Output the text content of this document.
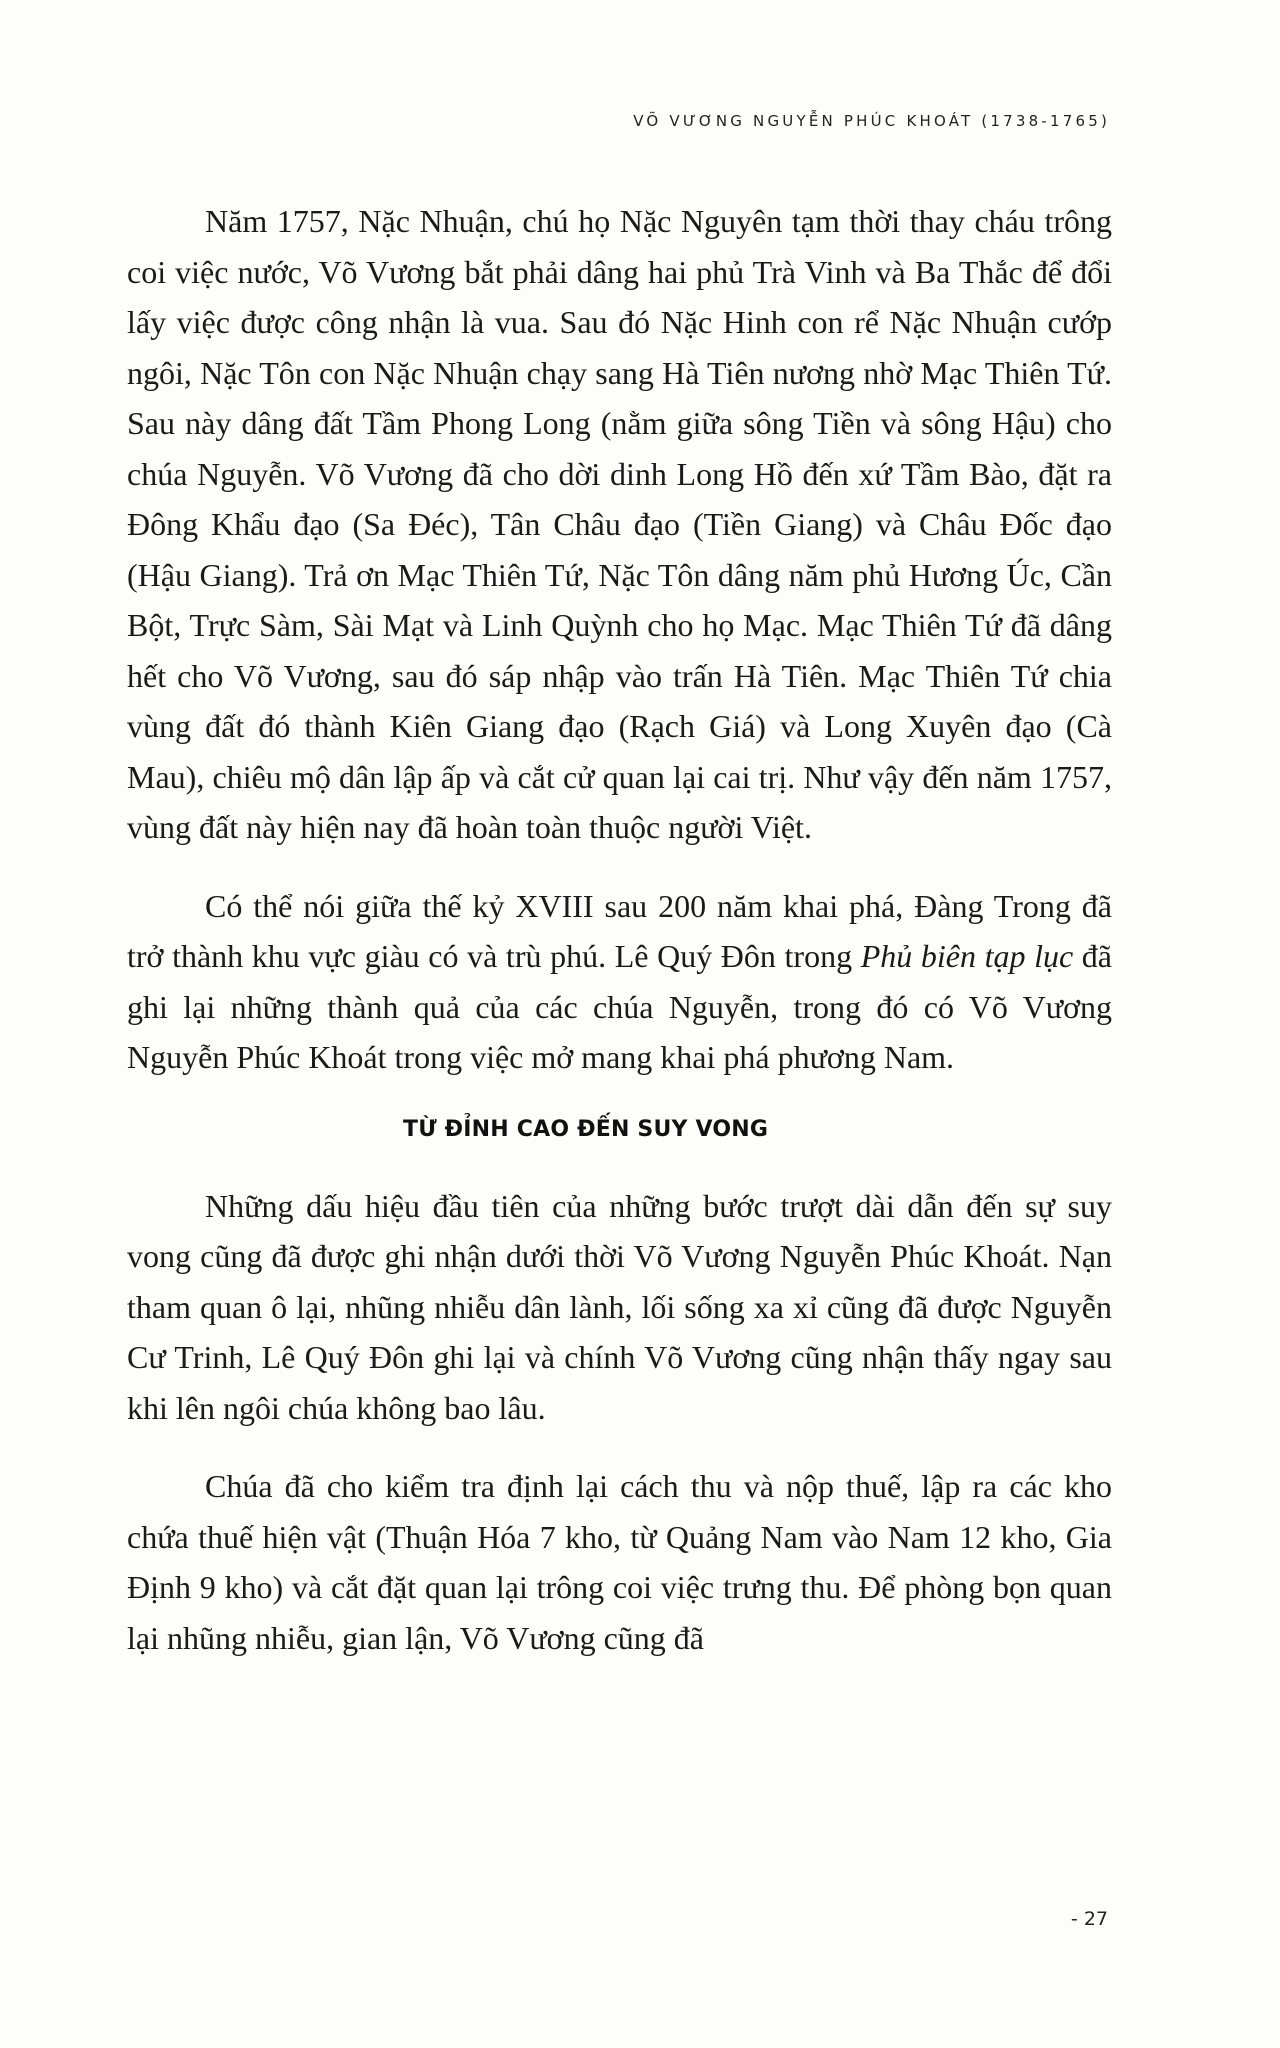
VÕ VƯƠNG NGUYỄN PHÚC KHOÁT (1738-1765)

Năm 1757, Nặc Nhuận, chú họ Nặc Nguyên tạm thời thay cháu trông coi việc nước, Võ Vương bắt phải dâng hai phủ Trà Vinh và Ba Thắc để đổi lấy việc được công nhận là vua. Sau đó Nặc Hinh con rể Nặc Nhuận cướp ngôi, Nặc Tôn con Nặc Nhuận chạy sang Hà Tiên nương nhờ Mạc Thiên Tứ. Sau này dâng đất Tầm Phong Long (nằm giữa sông Tiền và sông Hậu) cho chúa Nguyễn. Võ Vương đã cho dời dinh Long Hồ đến xứ Tầm Bào, đặt ra Đông Khẩu đạo (Sa Đéc), Tân Châu đạo (Tiền Giang) và Châu Đốc đạo (Hậu Giang). Trả ơn Mạc Thiên Tứ, Nặc Tôn dâng năm phủ Hương Úc, Cần Bột, Trực Sàm, Sài Mạt và Linh Quỳnh cho họ Mạc. Mạc Thiên Tứ đã dâng hết cho Võ Vương, sau đó sáp nhập vào trấn Hà Tiên. Mạc Thiên Tứ chia vùng đất đó thành Kiên Giang đạo (Rạch Giá) và Long Xuyên đạo (Cà Mau), chiêu mộ dân lập ấp và cắt cử quan lại cai trị. Như vậy đến năm 1757, vùng đất này hiện nay đã hoàn toàn thuộc người Việt.

Có thể nói giữa thế kỷ XVIII sau 200 năm khai phá, Đàng Trong đã trở thành khu vực giàu có và trù phú. Lê Quý Đôn trong Phủ biên tạp lục đã ghi lại những thành quả của các chúa Nguyễn, trong đó có Võ Vương Nguyễn Phúc Khoát trong việc mở mang khai phá phương Nam.

TỪ ĐỈNH CAO ĐẾN SUY VONG

Những dấu hiệu đầu tiên của những bước trượt dài dẫn đến sự suy vong cũng đã được ghi nhận dưới thời Võ Vương Nguyễn Phúc Khoát. Nạn tham quan ô lại, nhũng nhiễu dân lành, lối sống xa xỉ cũng đã được Nguyễn Cư Trinh, Lê Quý Đôn ghi lại và chính Võ Vương cũng nhận thấy ngay sau khi lên ngôi chúa không bao lâu.

Chúa đã cho kiểm tra định lại cách thu và nộp thuế, lập ra các kho chứa thuế hiện vật (Thuận Hóa 7 kho, từ Quảng Nam vào Nam 12 kho, Gia Định 9 kho) và cắt đặt quan lại trông coi việc trưng thu. Để phòng bọn quan lại nhũng nhiễu, gian lận, Võ Vương cũng đã

- 27
